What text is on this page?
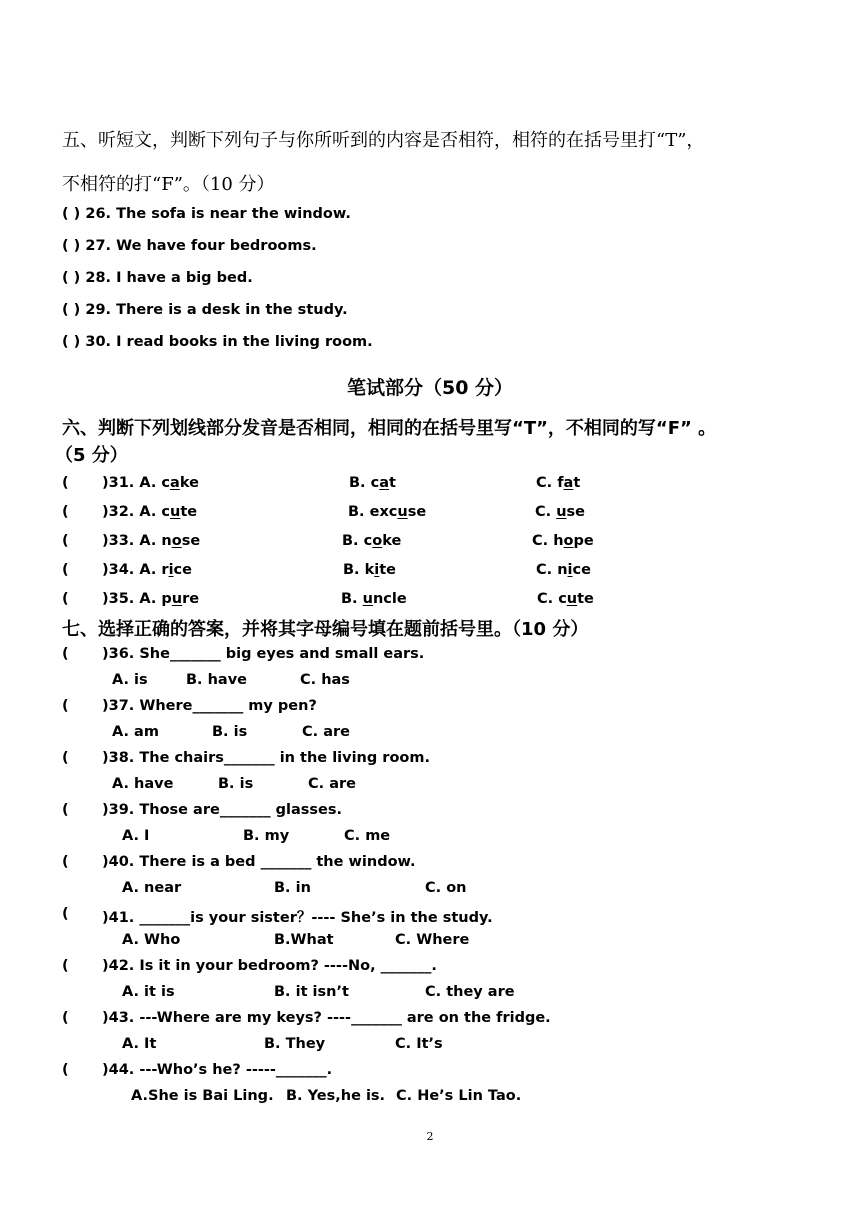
五、听短文，判断下列句子与你所听到的内容是否相符，相符的在括号里打“T”，
不相符的打“F”。（10 分）
( ) 26. The sofa is near the window.
( ) 27. We have four bedrooms.
( ) 28. I have a big bed.
( ) 29. There is a desk in the study.
( ) 30. I read books in the living room.
笔试部分（50 分）
六、判断下列划线部分发音是否相同，相同的在括号里写“T”，不相同的写“F” 。
（5 分）
( )31. A. cake	B. cat	C. fat
( )32. A. cute	B. excuse	C. use
( )33. A. nose	B. coke	C. hope
( )34. A. rice	B. kite	C. nice
( )35. A. pure	B. uncle	C. cute
七、选择正确的答案，并将其字母编号填在题前括号里。（10 分）
( )36. She_______ big eyes and small ears.
A. is	B. have	C. has
( )37. Where_______ my pen?
A. am	B. is	C. are
( )38. The chairs_______ in the living room.
A. have	B. is	C. are
( )39. Those are_______ glasses.
A. I	B. my	C. me
( )40. There is a bed _______ the window.
A. near	B. in	C. on
( )41. _______is your sister？---- She’s in the study.
A. Who	B.What	C. Where
( )42. Is it in your bedroom? ----No, _______.
A. it is	B. it isn’t	C. they are
( )43. ---Where are my keys? ----_______ are on the fridge.
A. It	B. They	C. It’s
( )44. ---Who’s he? -----_______.
A.She is Bai Ling. B. Yes,he is. C. He’s Lin Tao.
2
